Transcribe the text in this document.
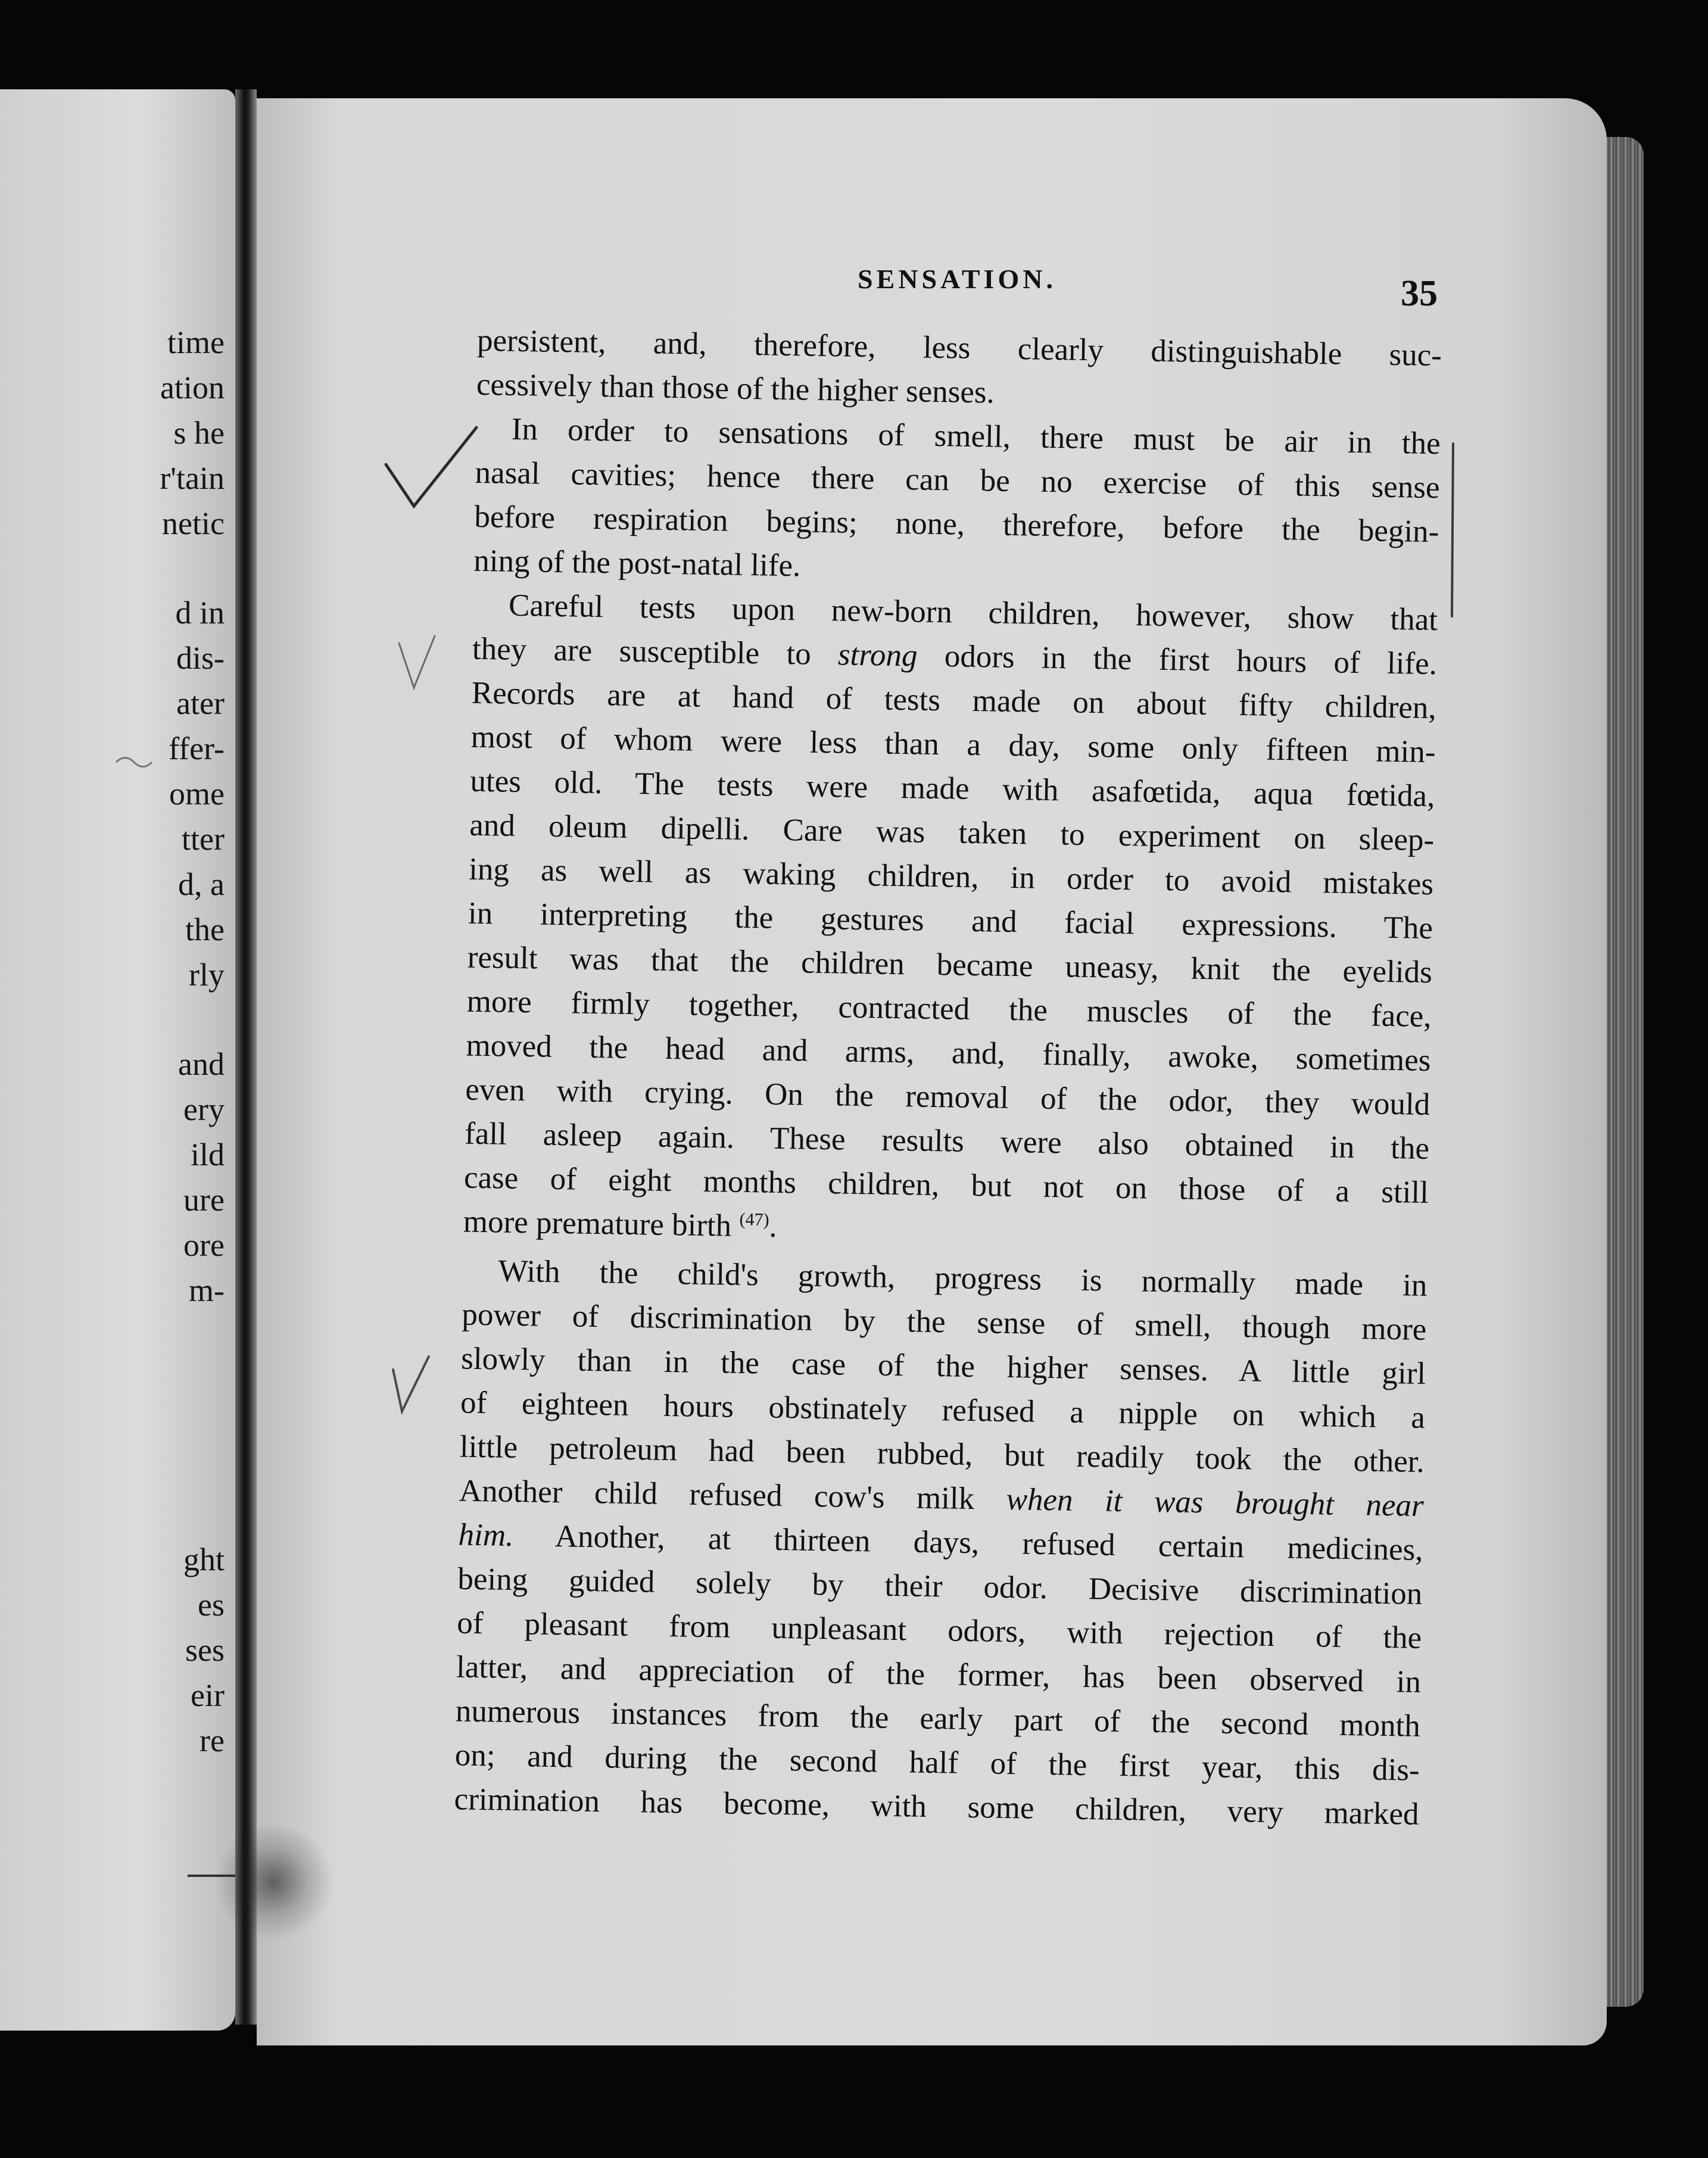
time
ation
s he
r'tain
netic
d in
dis-
ater
ffer-
ome
tter
d, a
the
rly
and
ery
ild
ure
ore
m-
ght
es
ses
eir
re
SENSATION.	35
persistent, and, therefore, less clearly distinguishable suc-
cessively than those of the higher senses.
In order to sensations of smell, there must be air in the
nasal cavities; hence there can be no exercise of this sense
before respiration begins; none, therefore, before the begin-
ning of the post-natal life.
Careful tests upon new-born children, however, show that
they are susceptible to strong odors in the first hours of life.
Records are at hand of tests made on about fifty children,
most of whom were less than a day, some only fifteen min-
utes old. The tests were made with asafœtida, aqua fœtida,
and oleum dipelli. Care was taken to experiment on sleep-
ing as well as waking children, in order to avoid mistakes
in interpreting the gestures and facial expressions. The
result was that the children became uneasy, knit the eyelids
more firmly together, contracted the muscles of the face,
moved the head and arms, and, finally, awoke, sometimes
even with crying. On the removal of the odor, they would
fall asleep again. These results were also obtained in the
case of eight months children, but not on those of a still
more premature birth $^{(47)}$.
With the child's growth, progress is normally made in
power of discrimination by the sense of smell, though more
slowly than in the case of the higher senses. A little girl
of eighteen hours obstinately refused a nipple on which a
little petroleum had been rubbed, but readily took the other.
Another child refused cow's milk when it was brought near
him. Another, at thirteen days, refused certain medicines,
being guided solely by their odor. Decisive discrimination
of pleasant from unpleasant odors, with rejection of the
latter, and appreciation of the former, has been observed in
numerous instances from the early part of the second month
on; and during the second half of the first year, this dis-
crimination has become, with some children, very marked
